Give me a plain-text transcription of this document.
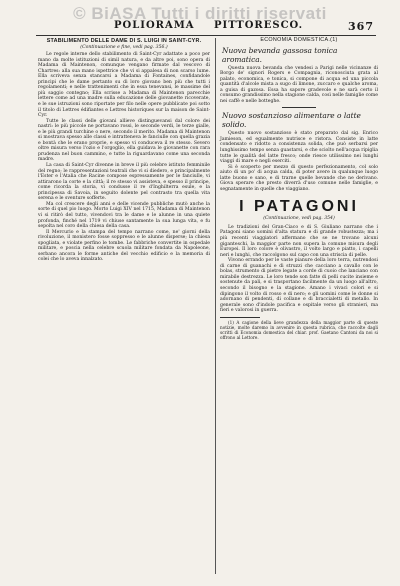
© BiASA Tutti i diritti riservati
POLIORAMA PITTORESCO.	367
STABILIMENTO DELLE DAME DI S. LUIGI IN SAINT-CYR.
(Continuazione e fine, vedi pag. 356.)

Le regole interne dello stabilimento di Saint-Cyr adattate a poco per mano da molte istituzioni di simil natura, e da altre poi, sono opera di Madama di Maintenon, comunque vengano firmate dal vescovo di Chartres: alla sua mano ispettrice che vi si appalesa di non scarso lume. Ella scriveva senza stancarsi a Madama di Fontaines, confidandole principi che le dame pertanto su di loro giovano ben più che tutti i regolamenti; e nelle trattenimenti che in essa tenevansi, le massime del più saggio contegno; Ella scrisse a Madama di Maintenon parecchie lettere come ad una madre sulla educazione delle giovanette ricoverate, e le sue istruzioni sono riportate per filo nelle opere pubblicate poi sotto il titolo di Lettres édifiantes e Lettres historiques sur la maison de Saint-Cyr.

Tutte le classi delle giovani allieve distinguevansi dal colore dei nastri: le più piccole ne portavano rossi, le seconde verdi, le terze gialle, e le più grandi turchine o nere, secondo il merito. Madama di Maintenon si mostrava spesso alle classi e intratteneva le fanciulle con quella grazia e bontà che le erano proprie, e spesso vi conduceva il re stesso. Severo oltre misura verso l'ozio e l'orgoglio, ella guidava le giovanette con rara prudenza nel buon cammino, e tutte la riguardavano come una seconda madre.

La casa di Saint-Cyr divenne in breve il più celebre istituto femminile del regno; le rappresentazioni teatrali che vi si diedero, e principalmente l'Ester e l'Atalia che Racine compose espressamente per le fanciulle, vi attirarono la corte e la città; il re stesso vi assisteva, e spesso il principe, come ricorda la storia, vi condusse il re d'Inghilterra esule, e la principessa di Savoia, in seguito dolente pel contrasto tra quella vita serena e le sventure sofferte.

Ma col crescere degli anni e delle vicende pubbliche mutò anche la sorte di quel pio luogo. Morto Luigi XIV nel 1715, Madama di Maintenon vi si ritirò del tutto, vivendovi tra le dame e le alunne in una quiete profonda, finché nel 1719 vi chiuse santamente la sua lunga vita, e fu sepolta nel coro della chiesa della casa.

Il Mercurio e la stampa del tempo narrano come, ne' giorni della rivoluzione, il monistero fosse soppresso e le alunne disperse; la chiesa spogliata, e violate perfino le tombe. Le fabbriche convertite in ospedale militare, e poscia nella celebre scuola militare fondata da Napoleone, serbano ancora le forme antiche del vecchio edificio e la memoria di colei che lo aveva innalzato.

ECONOMIA DOMESTICA.(1)
Nuova bevanda gassosa tonica aromatica.

Questa nuova bevanda che vendesi a Parigi nelle vicinanze di Borgo de' signori Rogers e Compagnia, riconosciuta grata al palato, economica, e tonica, si compone di acqua ed una piccola quantità d'alcole mista a sugo di limone, zuccaro e qualche aroma, a guisa di gazosa. Essa ha sapore gradevole e ne sarà certo il consumo grandissimo nella stagione calda, così nelle famiglie come nei caffè e nelle botteghe.

Nuovo sostanzioso alimentare o latte solido.

Questo nuovo sostanzioso è stato preparato dal sig. Enrico Jamieson, ed egualmente nutrisce e ristora. Consiste in latte condensato e ridotto a consistenza solida, che può serbarsi per lunghissimo tempo senza guastarsi, e che sciolto nell'acqua ripiglia tutte le qualità del latte fresco; onde riesce utilissimo nei lunghi viaggi di mare e negli eserciti.

Si è scoperto per mezzo di questo perfezionamento, col solo aiuto di un po' di acqua calda, di poter avere in qualunque luogo latte buono e sano, e di trarne quelle bevande che ne derivano. Giova sperare che presto diverrà d'uso comune nelle famiglie, e segnatamente in quelle che viaggiano.

I PATAGONI
(Continuazione, vedi pag. 354)

Le tradizioni del Gran-Ciaco e di S. Giuliano narrano che i Patagoni siano uomini d'alta statura e di grande robustezza; ma i più recenti viaggiatori affermano che se ne trovano alcuni giganteschi, la maggior parte non supera la comune misura degli Europei. Il loro colore è olivastro, il volto largo e piatto, i capelli neri e lunghi, che raccolgono sul capo con una striscia di pelle.

Vivono errando per le vaste pianure della loro terra, nutrendosi di carne di guanachi e di struzzi che cacciano a cavallo con le bolas, strumento di pietre legate a corde di cuoio che lanciano con mirabile destrezza. Le loro tende son fatte di pelli cucite insieme e sostenute da pali, e si trasportano facilmente da un luogo all'altro, secondo il bisogno e la stagione. Amano i vivaci colori e si dipingono il volto di rosso e di nero; e gli uomini come le donne si adornano di pendenti, di collane e di braccialetti di metallo. In generale sono d'indole pacifica e ospitale verso gli stranieri, ma fieri e valorosi in guerra.

(1) A cagione della lieve grandezza della maggior parte di queste notizie, molte daremo in avvenire in questa rubrica, che raccolte dagli scritti di Economia domestica del chiar. prof. Gaetano Cantoni da noi si offrono al Lettore.
